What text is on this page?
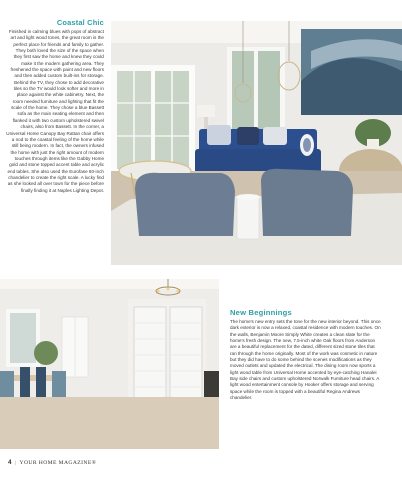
Coastal Chic

Finished in calming blues with pops of abstract art and light wood tones, the great room is the perfect place for friends and family to gather. They both loved the size of the space when they first saw the home and knew they could make it the modern gathering area. They freshened the space with paint and new floors and then added custom built-ins for storage. Behind the TV, they chose to add decorative tiles so the TV would look softer and more in place against the white cabinetry. Next, the room needed furniture and lighting that fit the scale of the home. They chose a blue Bassett sofa as the main seating element and then flanked it with two custom upholstered swivel chairs, also from Bassett. In the corner, a Universal Home Canopy Bay Rattan chair offers a nod to the coastal feeling of the home while still being modern. In fact, the owners infused the home with just the right amount of modern touches through items like the Gabby Home gold and stone topped accent table and acrylic end tables. She also used the Eurofase 60-inch chandelier to create the right scale. A lucky find as she looked all over town for the piece before finally finding it at Naples Lighting Depot.

New Beginnings

The home's new entry sets the tone for the new interior beyond. This once dark exterior is now a relaxed, coastal residence with modern touches. On the walls, Benjamin Moore Simply White creates a clean slate for the home's fresh design. The new, 7.5-inch white Oak floors from Anderson are a beautiful replacement for the dated, different sized stone tiles that ran through the home originally. Most of the work was cosmetic in nature but they did have to do some behind the scenes modifications as they moved outlets and updated the electrical. The dining room now sports a light wood table from Universal Home accented by eye-catching Hanalei Bay side chairs and custom upholstered Norwalk Furniture head chairs. A light wood entertainment console by Hooker offers storage and serving space while the room is topped with a beautiful Regina Andrews chandelier.

4 | YOUR HOME MAGAZINE®
